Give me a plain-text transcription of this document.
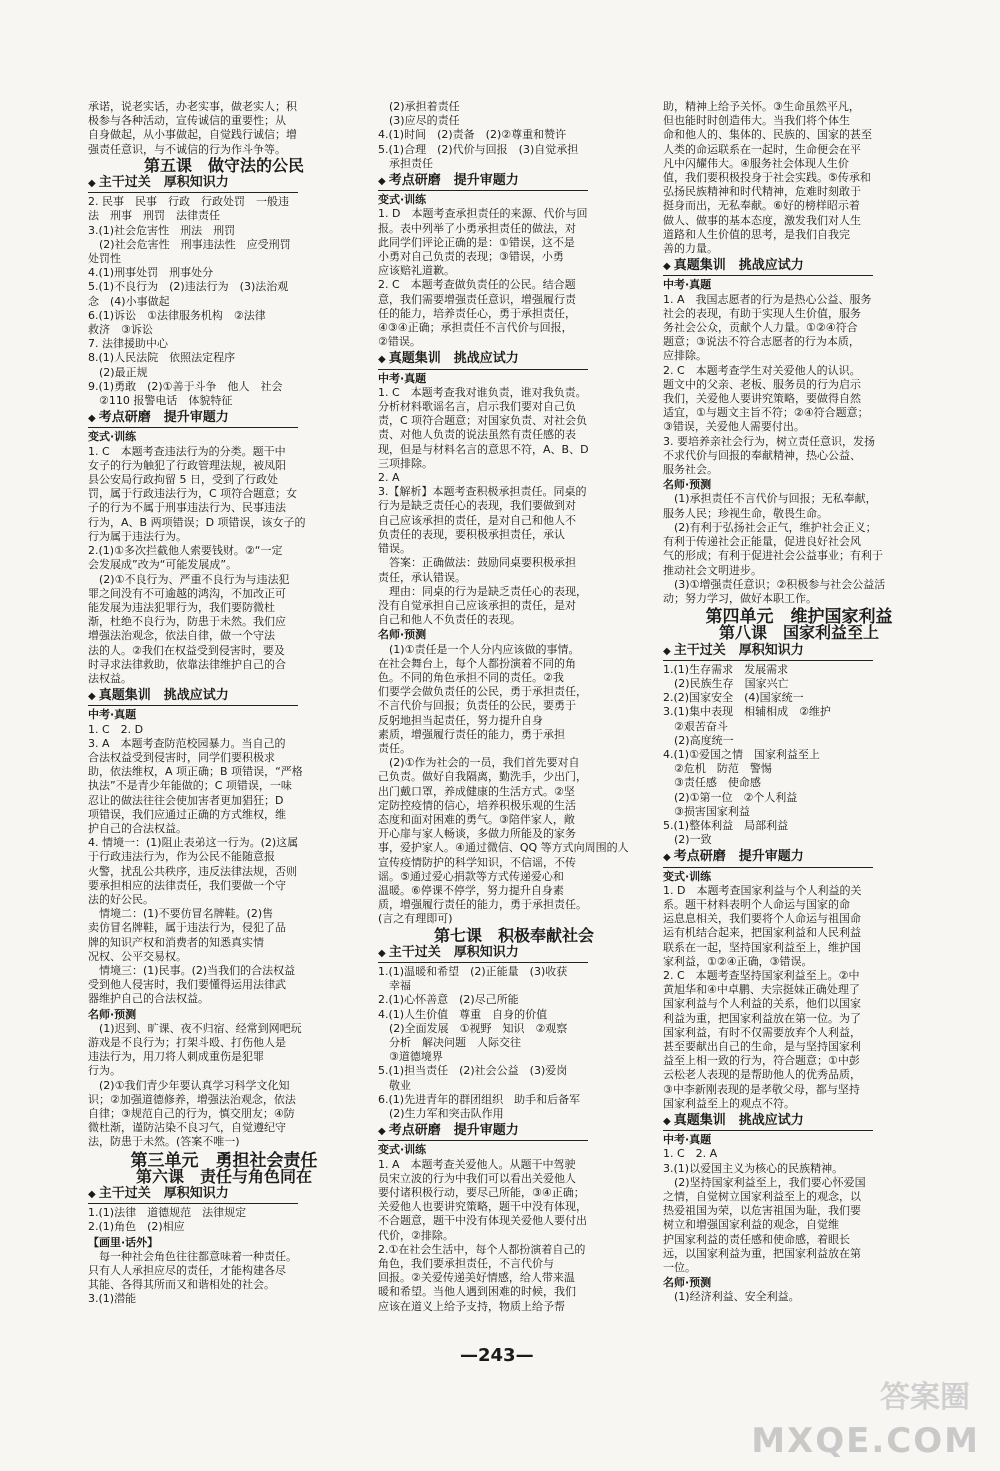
承诺，说老实话，办老实事，做老实人；积
极参与各种活动，宣传诚信的重要性；从
自身做起，从小事做起，自觉践行诚信；增
强责任意识，与不诚信的行为作斗争等。
第五课　做守法的公民
◆ 主干过关　厚积知识力
2. 民事　民事　行政　行政处罚　一般违
法　刑事　刑罚　法律责任
3.(1)社会危害性　刑法　刑罚
　(2)社会危害性　刑事违法性　应受刑罚
处罚性
4.(1)刑事处罚　刑事处分
5.(1)不良行为　(2)违法行为　(3)法治观
念　(4)小事做起
6.(1)诉讼　①法律服务机构　②法律
救济　③诉讼
7. 法律援助中心
8.(1)人民法院　依照法定程序
　(2)最正规
9.(1)勇敢　(2)①善于斗争　他人　社会
　②110 报警电话　体貌特征
◆ 考点研磨　提升审题力
变式·训练
1. C　本题考查违法行为的分类。题干中
女子的行为触犯了行政管理法规，被凤阳
县公安局行政拘留 5 日，受到了行政处
罚，属于行政违法行为，C 项符合题意；女
子的行为不属于刑事违法行为、民事违法
行为，A、B 两项错误；D 项错误，该女子的
行为属于违法行为。
2.(1)①多次拦截他人索要钱财。②“一定
会发展成”改为“可能发展成”。
　(2)①不良行为、严重不良行为与违法犯
罪之间没有不可逾越的鸿沟，不加改正可
能发展为违法犯罪行为，我们要防微杜
渐，杜绝不良行为，防患于未然。我们应
增强法治观念，依法自律，做一个守法
法的人。②我们在权益受到侵害时，要及
时寻求法律救助，依靠法律维护自己的合
法权益。
◆ 真题集训　挑战应试力
中考·真题
1. C　2. D
3. A　本题考查防范校园暴力。当自己的
合法权益受到侵害时，同学们要积极求
助，依法维权，A 项正确；B 项错误，“严格
执法”不是青少年能做的；C 项错误，一味
忍让的做法往往会使加害者更加猖狂；D
项错误，我们应通过正确的方式维权，维
护自己的合法权益。
4. 情境一：(1)阻止表弟这一行为。(2)这属
于行政违法行为，作为公民不能随意报
火警，扰乱公共秩序，违反法律法规，否则
要承担相应的法律责任，我们要做一个守
法的好公民。
　情境二：(1)不要仿冒名牌鞋。(2)售
卖仿冒名牌鞋，属于违法行为，侵犯了品
牌的知识产权和消费者的知悉真实情
况权、公平交易权。
　情境三：(1)民事。(2)当我们的合法权益
受到他人侵害时，我们要懂得运用法律武
器维护自己的合法权益。
名师·预测
　(1)迟到、旷课、夜不归宿、经常到网吧玩
游戏是不良行为；打架斗殴、打伤他人是
违法行为，用刀将人刺成重伤是犯罪
行为。
　(2)①我们青少年要认真学习科学文化知
识；②加强道德修养，增强法治观念，依法
自律；③规范自己的行为，慎交朋友；④防
微杜渐，谨防沾染不良习气，自觉遵纪守
法，防患于未然。(答案不唯一)
第三单元　勇担社会责任
第六课　责任与角色同在
◆ 主干过关　厚积知识力
1.(1)法律　道德规范　法律规定
2.(1)角色　(2)相应
【画里·话外】
　每一种社会角色往往都意味着一种责任。
只有人人承担应尽的责任，才能构建各尽
其能、各得其所而又和谐相处的社会。
3.(1)潜能
　(2)承担着责任
　(3)应尽的责任
4.(1)时间　(2)责备　(2)②尊重和赞许
5.(1)合理　(2)代价与回报　(3)自觉承担
　承担责任
◆ 考点研磨　提升审题力
变式·训练
1. D　本题考查承担责任的来源、代价与回
报。表中列举了小勇承担责任的做法，对
此同学们评论正确的是：①错误，这不是
小勇对自己负责的表现；③错误，小勇
应该赔礼道歉。
2. C　本题考查做负责任的公民。结合题
意，我们需要增强责任意识，增强履行责
任的能力，培养责任心，勇于承担责任，
④③④正确；承担责任不言代价与回报，
②错误。
◆ 真题集训　挑战应试力
中考·真题
1. C　本题考查我对谁负责，谁对我负责。
分析材料歌谣名言，启示我们要对自己负
责，C 项符合题意；对国家负责、对社会负
责、对他人负责的说法虽然有责任感的表
现，但是与材料名言的意思不符，A、B、D
三项排除。
2. A
3.【解析】本题考查积极承担责任。同桌的
行为是缺乏责任心的表现，我们要做到对
自己应该承担的责任，是对自己和他人不
负责任的表现，要积极承担责任，承认
错误。
　答案：正确做法：鼓励同桌要积极承担
责任，承认错误。
　理由：同桌的行为是缺乏责任心的表现，
没有自觉承担自己应该承担的责任，是对
自己和他人不负责任的表现。
名师·预测
　(1)①责任是一个人分内应该做的事情。
在社会舞台上，每个人都扮演着不同的角
色。不同的角色承担不同的责任。②我
们要学会做负责任的公民，勇于承担责任，
不言代价与回报；负责任的公民，要勇于
反躬地担当起责任，努力提升自身
素质，增强履行责任的能力，勇于承担
责任。
　(2)①作为社会的一员，我们首先要对自
己负责。做好自我隔离，勤洗手，少出门，
出门戴口罩，养成健康的生活方式。②坚
定防控疫情的信心，培养积极乐观的生活
态度和面对困难的勇气。③陪伴家人，敞
开心扉与家人畅谈，多做力所能及的家务
事，爱护家人。④通过微信、QQ 等方式向周围的人
宣传疫情防护的科学知识，不信谣，不传
谣。⑤通过爱心捐款等方式传递爱心和
温暖。⑥停课不停学，努力提升自身素
质，增强履行责任的能力，勇于承担责任。
(言之有理即可)
第七课　积极奉献社会
◆ 主干过关　厚积知识力
1.(1)温暖和希望　(2)正能量　(3)收获
　幸福
2.(1)心怀善意　(2)尽己所能
4.(1)人生价值　尊重　自身的价值
　(2)全面发展　①视野　知识　②观察
　分析　解决问题　人际交往
　③道德境界
5.(1)担当责任　(2)社会公益　(3)爱岗
　敬业
6.(1)先进青年的群团组织　助手和后备军
　(2)生力军和突击队作用
◆ 考点研磨　提升审题力
变式·训练
1. A　本题考查关爱他人。从题干中驾驶
员宋立波的行为中我们可以看出关爱他人
要付诸积极行动，要尽己所能，③④正确；
关爱他人也要讲究策略，题干中没有体现，
不合题意，题干中没有体现关爱他人要付出
代价，②排除。
2.①在社会生活中，每个人都扮演着自己的
角色，我们要承担责任，不言代价与
回报。②关爱传递美好情感，给人带来温
暖和希望。当他人遇到困难的时候，我们
应该在道义上给予支持，物质上给予帮
助，精神上给予关怀。③生命虽然平凡，
但也能时时创造伟大。当我们将个体生
命和他人的、集体的、民族的、国家的甚至
人类的命运联系在一起时，生命便会在平
凡中闪耀伟大。④服务社会体现人生价
值，我们要积极投身于社会实践。⑤传承和
弘扬民族精神和时代精神，危难时刻敢于
挺身而出，无私奉献。⑥好的榜样昭示着
做人、做事的基本态度，激发我们对人生
道路和人生价值的思考，是我们自我完
善的力量。
◆ 真题集训　挑战应试力
中考·真题
1. A　我国志愿者的行为是热心公益、服务
社会的表现，有助于实现人生价值，服务
务社会公众，贡献个人力量。①②④符合
题意；③说法不符合志愿者的行为本质，
应排除。
2. C　本题考查学生对关爱他人的认识。
题文中的父亲、老板、服务员的行为启示
我们，关爱他人要讲究策略，要做得自然
适宜，①与题文主旨不符；②④符合题意；
③错误，关爱他人需要付出。
3. 要培养亲社会行为，树立责任意识，发扬
不求代价与回报的奉献精神，热心公益、
服务社会。
名师·预测
　(1)承担责任不言代价与回报；无私奉献，
服务人民；珍视生命，敬畏生命。
　(2)有利于弘扬社会正气，维护社会正义；
有利于传递社会正能量，促进良好社会风
气的形成；有利于促进社会公益事业；有利于
推动社会文明进步。
　(3)①增强责任意识；②积极参与社会公益活
动；努力学习，做好本职工作。
第四单元　维护国家利益
第八课　国家利益至上
◆ 主干过关　厚积知识力
1.(1)生存需求　发展需求
　(2)民族生存　国家兴亡
2.(2)国家安全　(4)国家统一
3.(1)集中表现　相辅相成　②维护
　②艰苦奋斗
　(2)高度统一
4.(1)①爱国之情　国家利益至上
　②危机　防范　警惕
　③责任感　使命感
　(2)①第一位　②个人利益
　③损害国家利益
5.(1)整体利益　局部利益
　(2)一致
◆ 考点研磨　提升审题力
变式·训练
1. D　本题考查国家利益与个人利益的关
系。题干材料表明个人命运与国家的命
运息息相关，我们要将个人命运与祖国命
运有机结合起来，把国家利益和人民利益
联系在一起，坚持国家利益至上，维护国
家利益，①②④正确，③错误。
2. C　本题考查坚持国家利益至上。②中
黄旭华和④中卓鹏、夫宗挺妹正确处理了
国家利益与个人利益的关系，他们以国家
利益为重，把国家利益放在第一位。为了
国家利益，有时不仅需要放弃个人利益，
甚至要献出自己的生命，是与坚持国家利
益至上相一致的行为，符合题意；①中彭
云松老人表现的是帮助他人的优秀品质，
③中李新刚表现的是孝敬父母，都与坚持
国家利益至上的观点不符。
◆ 真题集训　挑战应试力
中考·真题
1. C　2. A
3.(1)以爱国主义为核心的民族精神。
　(2)坚持国家利益至上，我们要心怀爱国
之情，自觉树立国家利益至上的观念，以
热爱祖国为荣，以危害祖国为耻，我们要
树立和增强国家利益的观念，自觉维
护国家利益的责任感和使命感，着眼长
远，以国家利益为重，把国家利益放在第
一位。
名师·预测
　(1)经济利益、安全利益。
—243—
答案圈
MXQE.COM
